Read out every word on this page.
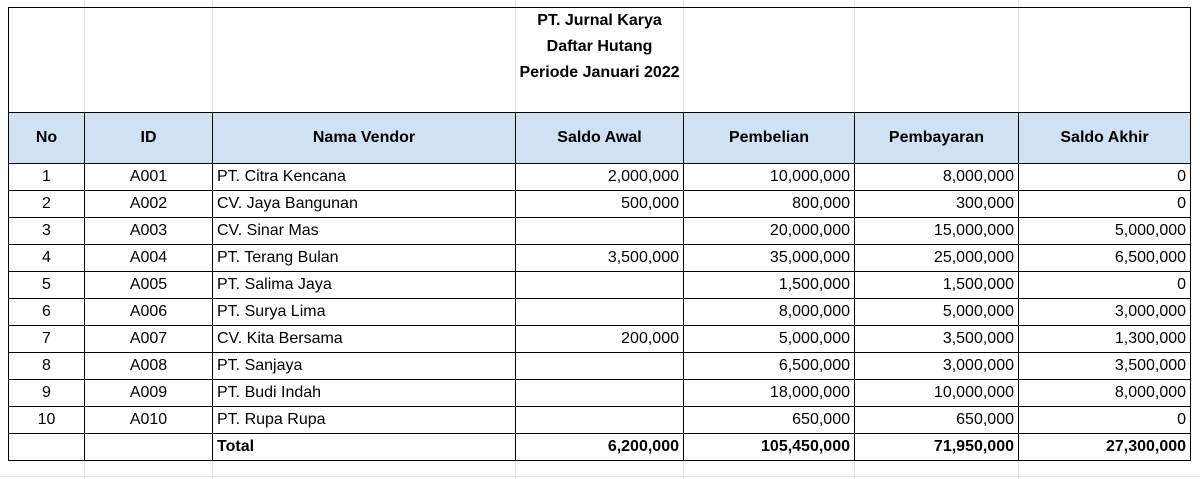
PT. Jurnal Karya						
Daftar Hutang						
Periode Januari 2022						

No	ID	Nama Vendor	Saldo Awal	Pembelian	Pembayaran	Saldo Akhir
1	A001	PT. Citra Kencana	2,000,000	10,000,000	8,000,000	0
2	A002	CV. Jaya Bangunan	500,000	800,000	300,000	0
3	A003	CV. Sinar Mas		20,000,000	15,000,000	5,000,000
4	A004	PT. Terang Bulan	3,500,000	35,000,000	25,000,000	6,500,000
5	A005	PT. Salima Jaya		1,500,000	1,500,000	0
6	A006	PT. Surya Lima		8,000,000	5,000,000	3,000,000
7	A007	CV. Kita Bersama	200,000	5,000,000	3,500,000	1,300,000
8	A008	PT. Sanjaya		6,500,000	3,000,000	3,500,000
9	A009	PT. Budi Indah		18,000,000	10,000,000	8,000,000
10	A010	PT. Rupa Rupa		650,000	650,000	0
		Total	6,200,000	105,450,000	71,950,000	27,300,000
